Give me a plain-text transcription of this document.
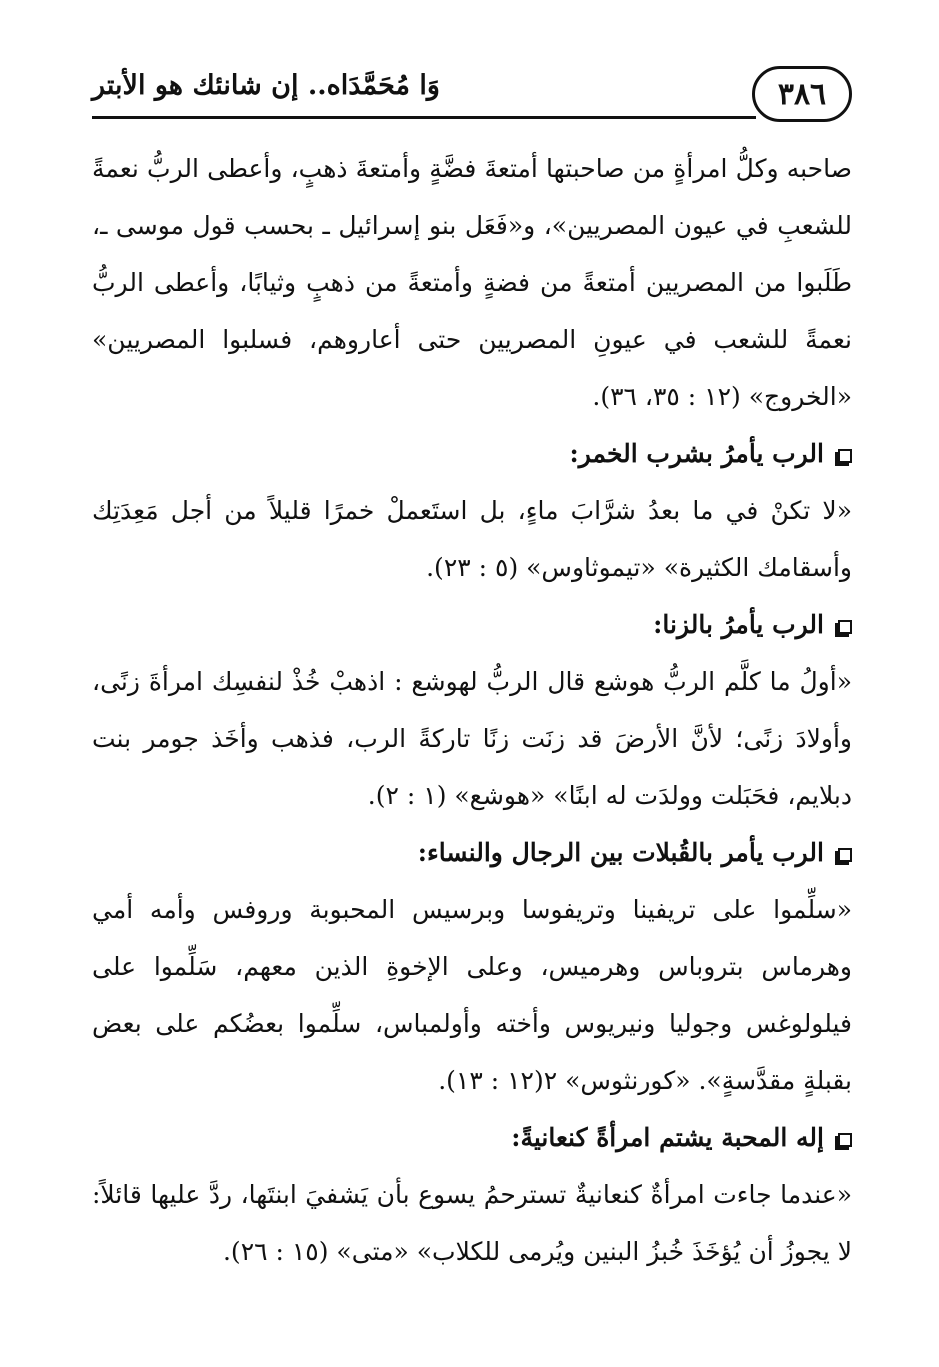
٣٨٦
وَا مُحَمَّدَاه.. إن شانئك هو الأبتر

صاحبه وكلُّ امرأةٍ من صاحبتها أمتعةَ فضَّةٍ وأمتعةَ ذهبٍ، وأعطى الربُّ نعمةً للشعبِ في عيون المصريين»، و«فَعَل بنو إسرائيل ـ بحسب قول موسى ـ، طَلَبوا من المصريين أمتعةً من فضةٍ وأمتعةً من ذهبٍ وثيابًا، وأعطى الربُّ نعمةً للشعب في عيونِ المصريين حتى أعاروهم، فسلبوا المصريين» «الخروج» (١٢ : ٣٥، ٣٦).

الرب يأمرُ بشرب الخمر:

«لا تكنْ في ما بعدُ شرَّابَ ماءٍ، بل استَعملْ خمرًا قليلاً من أجل مَعِدَتِك وأسقامك الكثيرة» «تيموثاوس» (٥ : ٢٣).

الرب يأمرُ بالزنا:

«أولُ ما كلَّم الربُّ هوشع قال الربُّ لهوشع : اذهبْ خُذْ لنفسِك امرأةَ زنًى، وأولادَ زنًى؛ لأنَّ الأرضَ قد زنَت زنًا تاركةً الرب، فذهب وأخَذ جومر بنت دبلايم، فحَبَلت وولدَت له ابنًا» «هوشع» (١ : ٢).

الرب يأمر بالقُبلات بين الرجال والنساء:

«سلِّموا على تريفينا وتريفوسا وبرسيس المحبوبة وروفس وأمه أمي وهرماس بتروباس وهرميس، وعلى الإخوةِ الذين معهم، سَلِّموا على فيلولوغس وجوليا ونيريوس وأخته وأولمباس، سلِّموا بعضُكم على بعض بقبلةٍ مقدَّسةٍ». «كورنثوس» ٢(١٢ : ١٣).

إله المحبة يشتم امرأةً كنعانيةً:

«عندما جاءت امرأةٌ كنعانيةٌ تسترحمُ يسوع بأن يَشفيَ ابنتَها، ردَّ عليها قائلاً: لا يجوزُ أن يُؤخَذَ خُبزُ البنين ويُرمى للكلاب» «متى» (١٥ : ٢٦).
